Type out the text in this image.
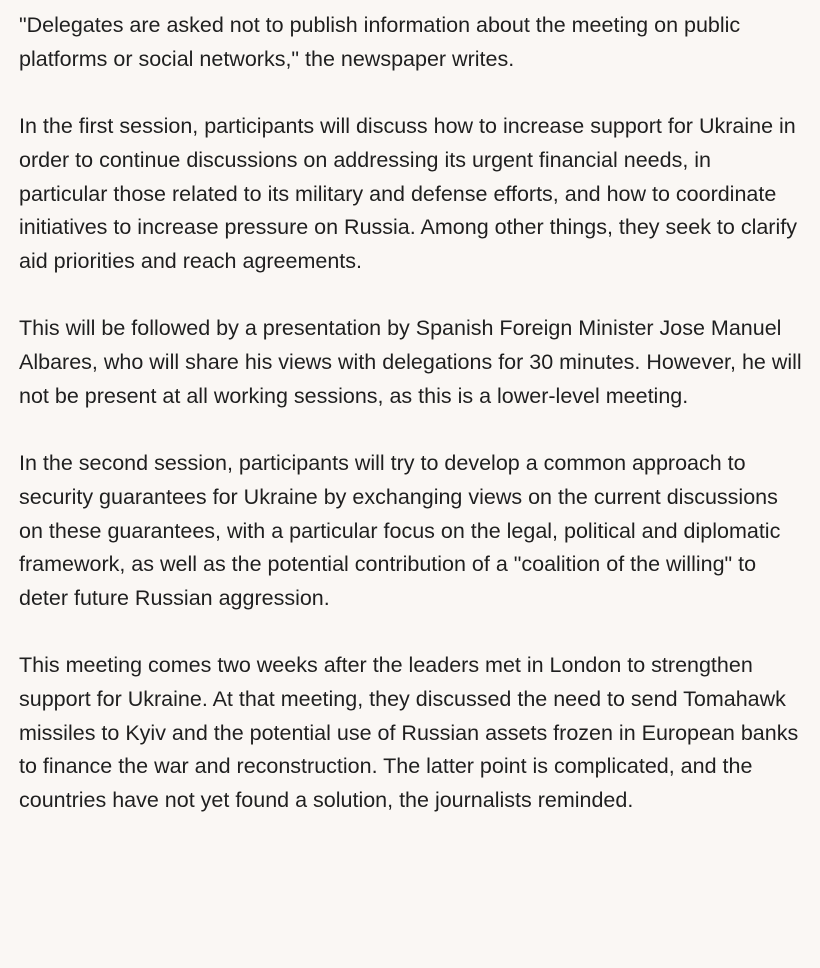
"Delegates are asked not to publish information about the meeting on public platforms or social networks," the newspaper writes.

In the first session, participants will discuss how to increase support for Ukraine in order to continue discussions on addressing its urgent financial needs, in particular those related to its military and defense efforts, and how to coordinate initiatives to increase pressure on Russia. Among other things, they seek to clarify aid priorities and reach agreements.

This will be followed by a presentation by Spanish Foreign Minister Jose Manuel Albares, who will share his views with delegations for 30 minutes. However, he will not be present at all working sessions, as this is a lower-level meeting.

In the second session, participants will try to develop a common approach to security guarantees for Ukraine by exchanging views on the current discussions on these guarantees, with a particular focus on the legal, political and diplomatic framework, as well as the potential contribution of a "coalition of the willing" to deter future Russian aggression.

This meeting comes two weeks after the leaders met in London to strengthen support for Ukraine. At that meeting, they discussed the need to send Tomahawk missiles to Kyiv and the potential use of Russian assets frozen in European banks to finance the war and reconstruction. The latter point is complicated, and the countries have not yet found a solution, the journalists reminded.
